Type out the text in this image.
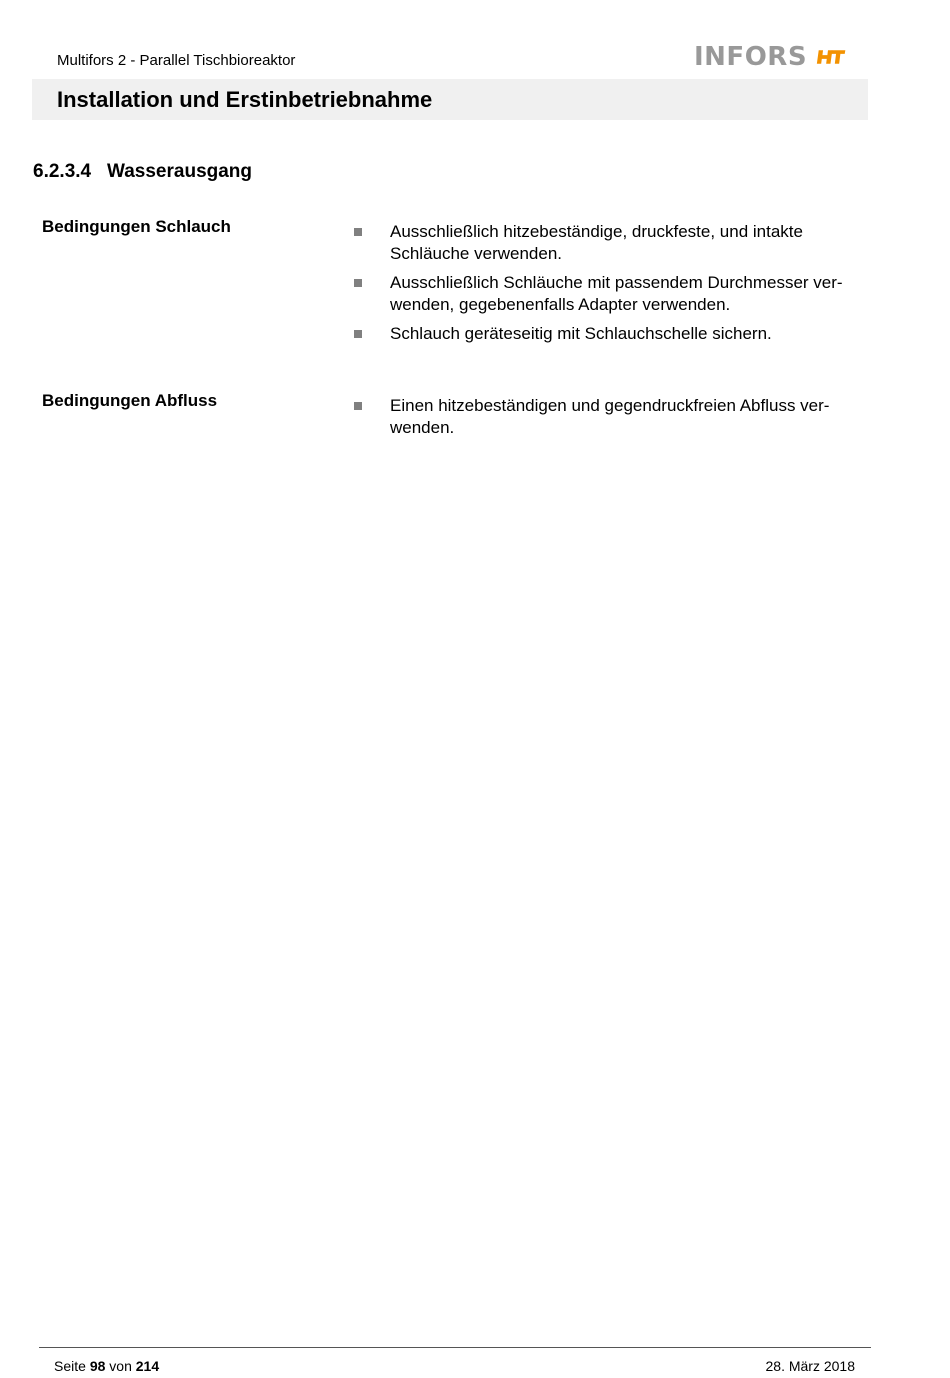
Multifors 2 - Parallel Tischbioreaktor	INFORS
Installation und Erstinbetriebnahme
6.2.3.4 Wasserausgang
Bedingungen Schlauch	Ausschließlich hitzebeständige, druckfeste, und intakte Schläuche verwenden.
Ausschließlich Schläuche mit passendem Durchmesser ver- wenden, gegebenenfalls Adapter verwenden.
Schlauch geräteseitig mit Schlauchschelle sichern.
Bedingungen Abfluss	Einen hitzebeständigen und gegendruckfreien Abfluss ver- wenden.
Seite 98 von 214	28. März 2018
